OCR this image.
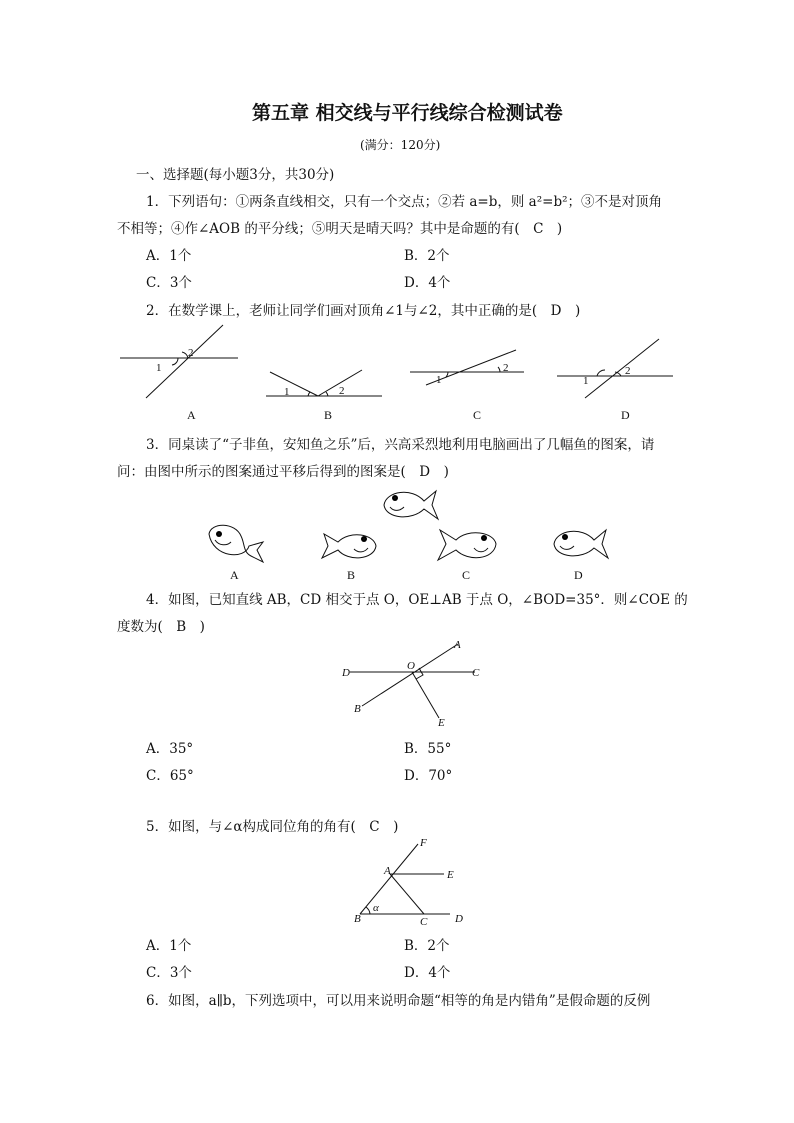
第五章 相交线与平行线综合检测试卷
(满分：120分)
一、选择题(每小题3分，共30分)
1．下列语句：①两条直线相交，只有一个交点；②若 a=b，则 a²=b²；③不是对顶角
不相等；④作∠AOB 的平分线；⑤明天是晴天吗？其中是命题的有(　C　)
A．1个	B．2个
C．3个	D．4个
2．在数学课上，老师让同学们画对顶角∠1与∠2，其中正确的是(　D　)
1
2
A
1	2
B
1
2
C
1
2
D
3．同桌读了“子非鱼，安知鱼之乐”后，兴高采烈地利用电脑画出了几幅鱼的图案，请
问：由图中所示的图案通过平移后得到的图案是(　D　)
A	B	C	D
4．如图，已知直线 AB，CD 相交于点 O，OE⊥AB 于点 O，∠BOD=35°．则∠COE 的
度数为(　B　)
D
O
C
A
B
E
A．35°	B．55°
C．65°	D．70°
5．如图，与∠α构成同位角的角有(　C　)
F
A	E
B
α
C	D
A．1个	B．2个
C．3个	D．4个
6．如图，a∥b，下列选项中，可以用来说明命题“相等的角是内错角”是假命题的反例
